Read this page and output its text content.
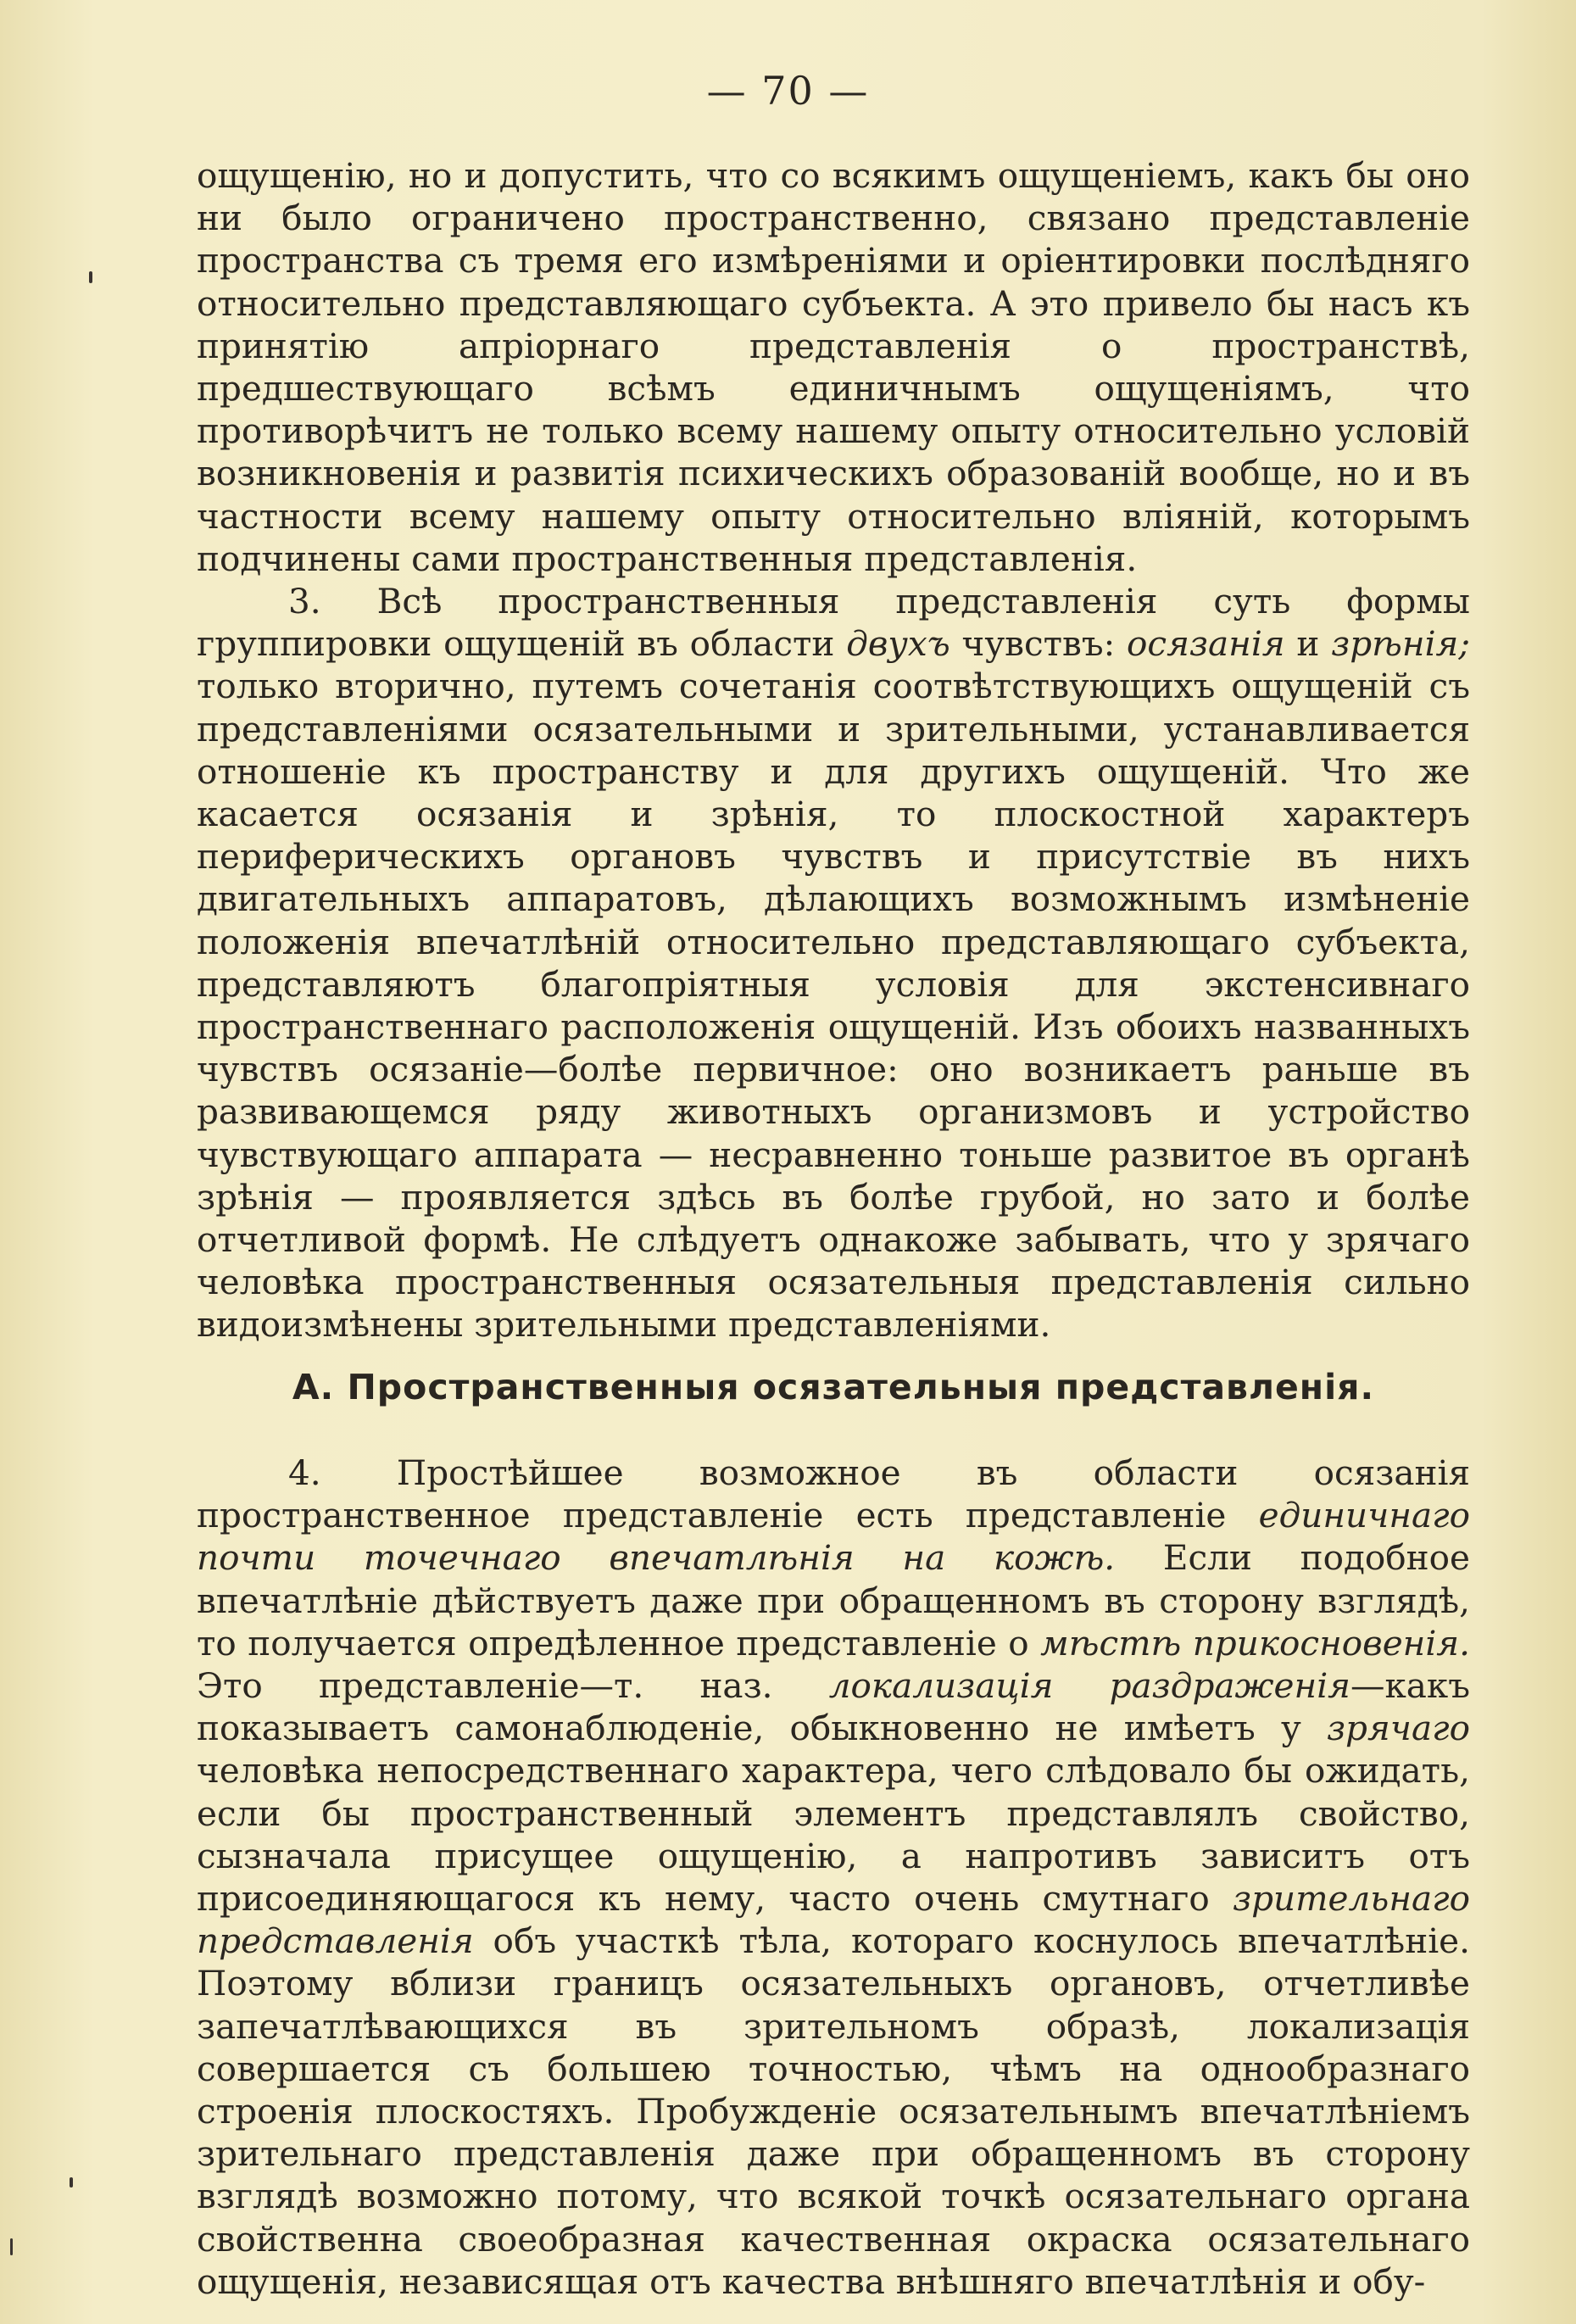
— 70 —

ощущенію, но и допустить, что со всякимъ ощущеніемъ, какъ бы оно ни было ограничено пространственно, связано представленіе пространства съ тремя его измѣреніями и оріентировки послѣдняго относительно представляющаго субъекта. А это привело бы насъ къ принятію апріорнаго представленія о пространствѣ, предшествующаго всѣмъ единичнымъ ощущеніямъ, что противорѣчитъ не только всему нашему опыту относительно условій возникновенія и развитія психическихъ образованій вообще, но и въ частности всему нашему опыту относительно вліяній, которымъ подчинены сами пространственныя представленія.

3. Всѣ пространственныя представленія суть формы группировки ощущеній въ области двухъ чувствъ: осязанія и зрѣнія; только вторично, путемъ сочетанія соотвѣтствующихъ ощущеній съ представленіями осязательными и зрительными, устанавливается отношеніе къ пространству и для другихъ ощущеній. Что же касается осязанія и зрѣнія, то плоскостной характеръ периферическихъ органовъ чувствъ и присутствіе въ нихъ двигательныхъ аппаратовъ, дѣлающихъ возможнымъ измѣненіе положенія впечатлѣній относительно представляющаго субъекта, представляютъ благопріятныя условія для экстенсивнаго пространственнаго расположенія ощущеній. Изъ обоихъ названныхъ чувствъ осязаніе—болѣе первичное: оно возникаетъ раньше въ развивающемся ряду животныхъ организмовъ и устройство чувствующаго аппарата — несравненно тоньше развитое въ органѣ зрѣнія — проявляется здѣсь въ болѣе грубой, но зато и болѣе отчетливой формѣ. Не слѣдуетъ однакоже забывать, что у зрячаго человѣка пространственныя осязательныя представленія сильно видоизмѣнены зрительными представленіями.

А. Пространственныя осязательныя представленія.

4. Простѣйшее возможное въ области осязанія пространственное представленіе есть представленіе единичнаго почти точечнаго впечатлѣнія на кожѣ. Если подобное впечатлѣніе дѣйствуетъ даже при обращенномъ въ сторону взглядѣ, то получается опредѣленное представленіе о мѣстѣ прикосновенія. Это представленіе—т. наз. локализація раздраженія—какъ показываетъ самонаблюденіе, обыкновенно не имѣетъ у зрячаго человѣка непосредственнаго характера, чего слѣдовало бы ожидать, если бы пространственный элементъ представлялъ свойство, сызначала присущее ощущенію, а напротивъ зависитъ отъ присоединяющагося къ нему, часто очень смутнаго зрительнаго представленія объ участкѣ тѣла, котораго коснулось впечатлѣніе. Поэтому вблизи границъ осязательныхъ органовъ, отчетливѣе запечатлѣвающихся въ зрительномъ образѣ, локализація совершается съ большею точностью, чѣмъ на однообразнаго строенія плоскостяхъ. Пробужденіе осязательнымъ впечатлѣніемъ зрительнаго представленія даже при обращенномъ въ сторону взглядѣ возможно потому, что всякой точкѣ осязательнаго органа свойственна своеобразная качественная окраска осязательнаго ощущенія, независящая отъ качества внѣшняго впечатлѣнія и обу-
